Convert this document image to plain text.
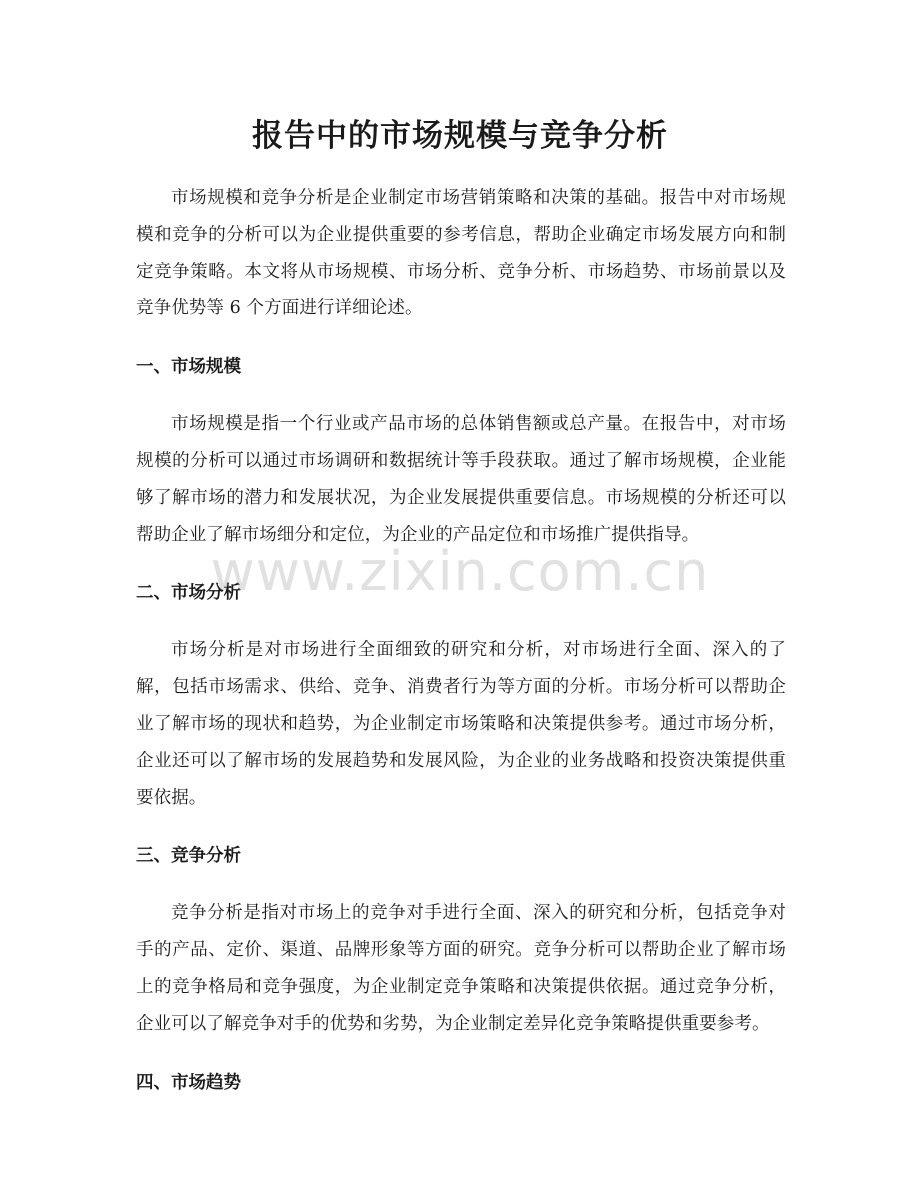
报告中的市场规模与竞争分析

市场规模和竞争分析是企业制定市场营销策略和决策的基础。报告中对市场规模和竞争的分析可以为企业提供重要的参考信息，帮助企业确定市场发展方向和制定竞争策略。本文将从市场规模、市场分析、竞争分析、市场趋势、市场前景以及竞争优势等 6 个方面进行详细论述。

一、市场规模

市场规模是指一个行业或产品市场的总体销售额或总产量。在报告中，对市场规模的分析可以通过市场调研和数据统计等手段获取。通过了解市场规模，企业能够了解市场的潜力和发展状况，为企业发展提供重要信息。市场规模的分析还可以帮助企业了解市场细分和定位，为企业的产品定位和市场推广提供指导。

二、市场分析

市场分析是对市场进行全面细致的研究和分析，对市场进行全面、深入的了解，包括市场需求、供给、竞争、消费者行为等方面的分析。市场分析可以帮助企业了解市场的现状和趋势，为企业制定市场策略和决策提供参考。通过市场分析，企业还可以了解市场的发展趋势和发展风险，为企业的业务战略和投资决策提供重要依据。

三、竞争分析

竞争分析是指对市场上的竞争对手进行全面、深入的研究和分析，包括竞争对手的产品、定价、渠道、品牌形象等方面的研究。竞争分析可以帮助企业了解市场上的竞争格局和竞争强度，为企业制定竞争策略和决策提供依据。通过竞争分析，企业可以了解竞争对手的优势和劣势，为企业制定差异化竞争策略提供重要参考。

四、市场趋势
www.zixin.com.cn
